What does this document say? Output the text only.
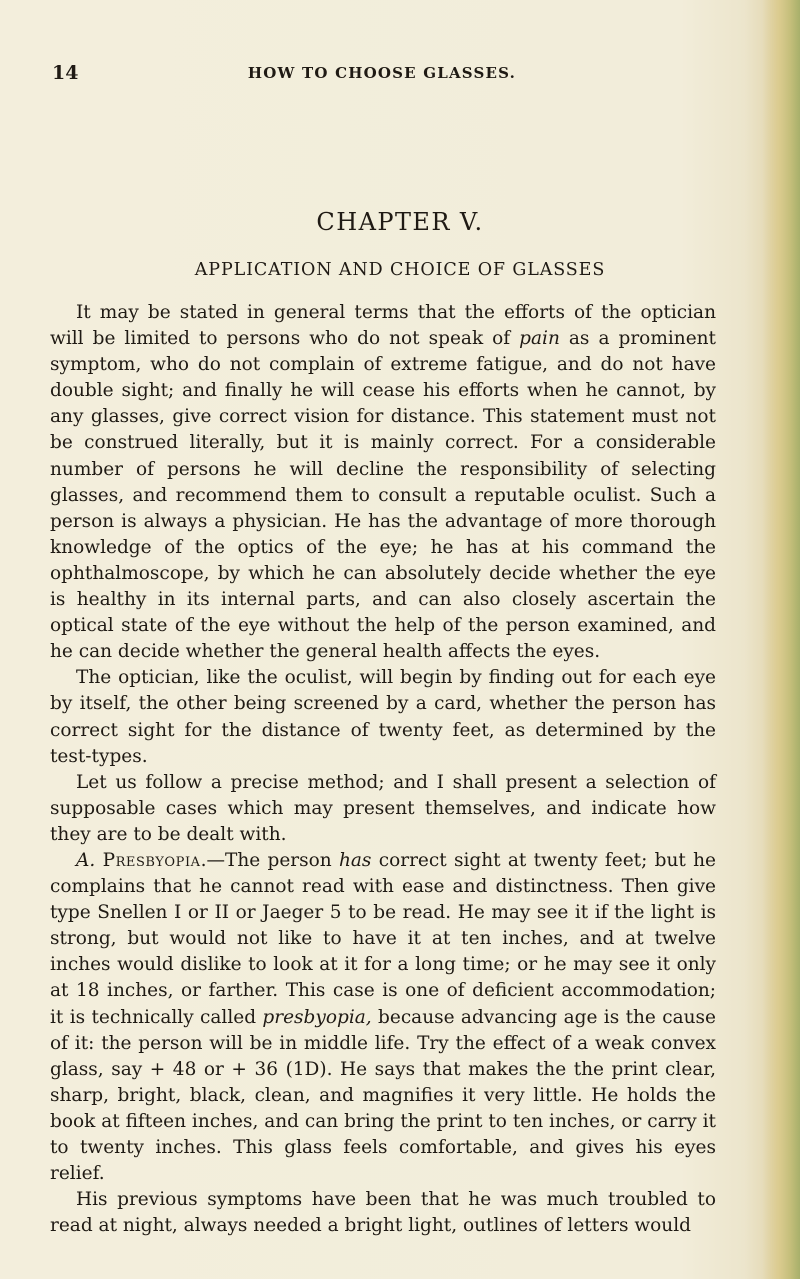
14	HOW TO CHOOSE GLASSES.
CHAPTER V.
APPLICATION AND CHOICE OF GLASSES

It may be stated in general terms that the efforts of the optician will be limited to persons who do not speak of pain as a prominent symptom, who do not complain of extreme fatigue, and do not have double sight; and finally he will cease his efforts when he cannot, by any glasses, give correct vision for distance. This statement must not be construed literally, but it is mainly correct. For a considerable number of persons he will decline the responsibility of selecting glasses, and recommend them to consult a reputable oculist. Such a person is always a physician. He has the advantage of more thorough knowledge of the optics of the eye; he has at his command the ophthalmoscope, by which he can absolutely decide whether the eye is healthy in its internal parts, and can also closely ascertain the optical state of the eye without the help of the person examined, and he can decide whether the general health affects the eyes.

The optician, like the oculist, will begin by finding out for each eye by itself, the other being screened by a card, whether the person has correct sight for the distance of twenty feet, as determined by the test-types.

Let us follow a precise method; and I shall present a selection of supposable cases which may present themselves, and indicate how they are to be dealt with.

A. Presbyopia.—The person has correct sight at twenty feet; but he complains that he cannot read with ease and distinctness. Then give type Snellen I or II or Jaeger 5 to be read. He may see it if the light is strong, but would not like to have it at ten inches, and at twelve inches would dislike to look at it for a long time; or he may see it only at 18 inches, or farther. This case is one of deficient accommodation; it is technically called presbyopia, because advancing age is the cause of it: the person will be in middle life. Try the effect of a weak convex glass, say + 48 or + 36 (1D). He says that makes the the print clear, sharp, bright, black, clean, and magnifies it very little. He holds the book at fifteen inches, and can bring the print to ten inches, or carry it to twenty inches. This glass feels comfortable, and gives his eyes relief.

His previous symptoms have been that he was much troubled to read at night, always needed a bright light, outlines of letters would
